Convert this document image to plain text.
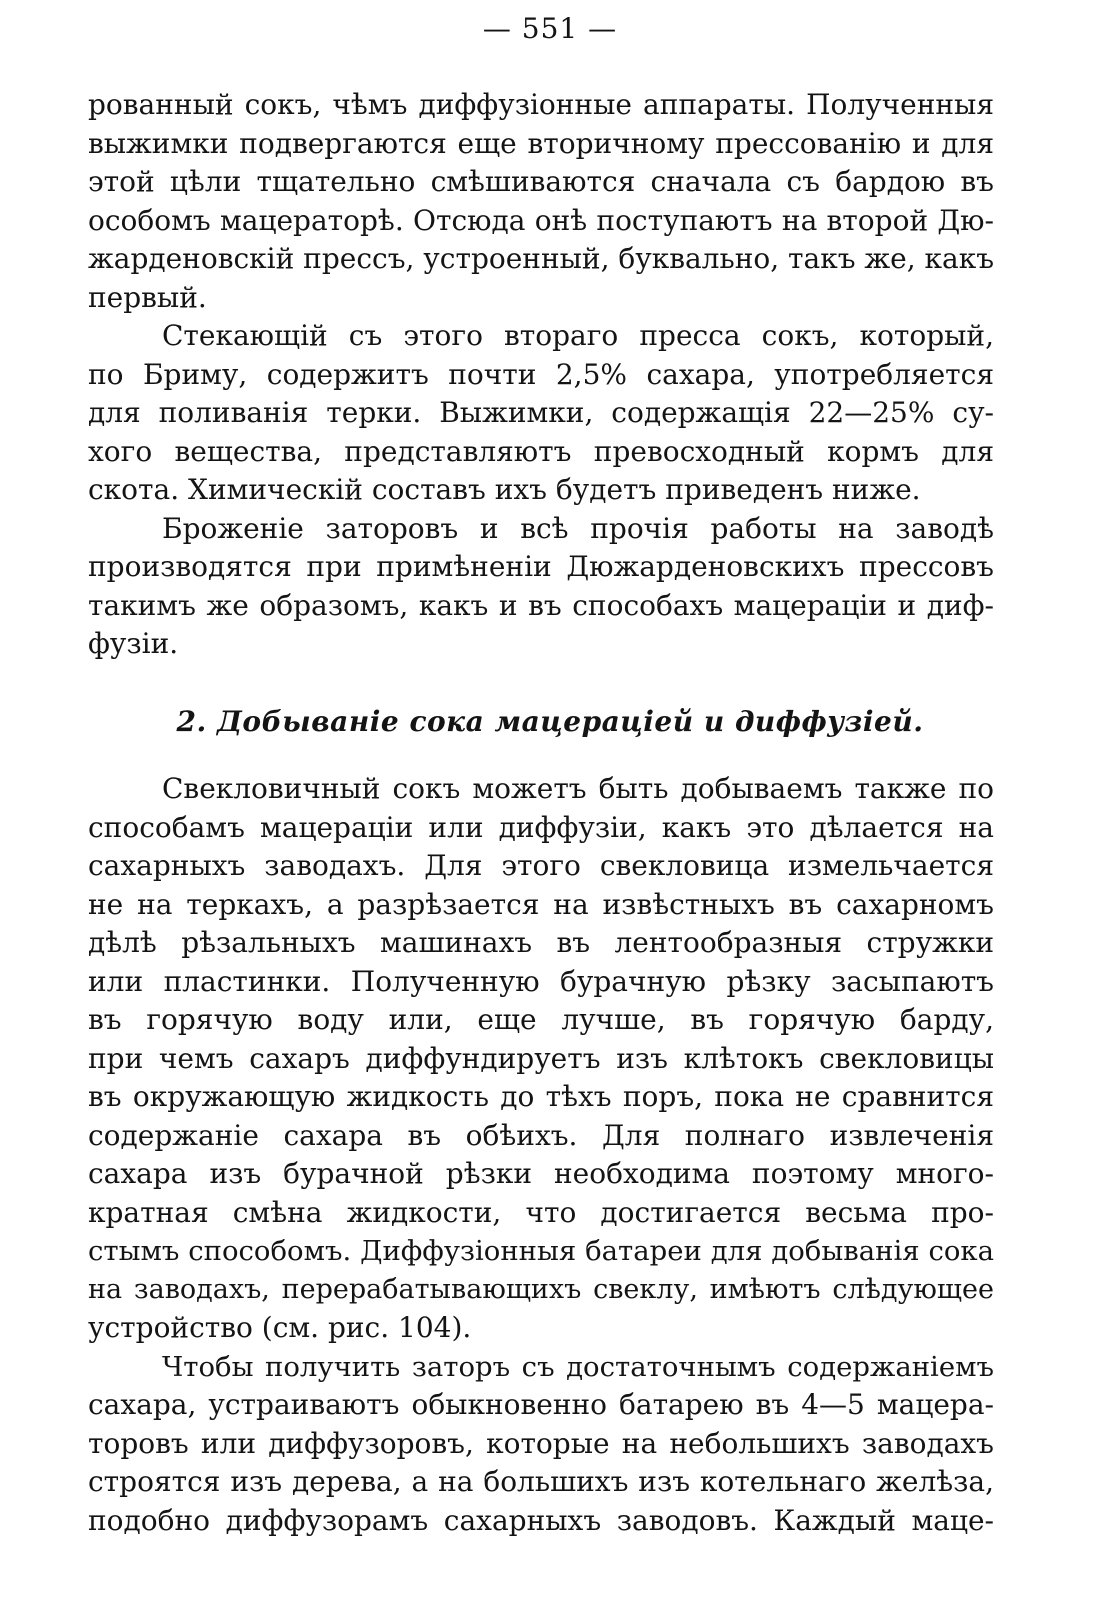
— 551 —
рованный сокъ, чѣмъ диффузіонные аппараты. Полученныя
выжимки подвергаются еще вторичному прессованію и для
этой цѣли тщательно смѣшиваются сначала съ бардою въ
особомъ мацераторѣ. Отсюда онѣ поступаютъ на второй Дю-
жарденовскій прессъ, устроенный, буквально, такъ же, какъ
первый.
Стекающій съ этого втораго пресса сокъ, который,
по Бриму, содержитъ почти 2,5% сахара, употребляется
для поливанія терки. Выжимки, содержащія 22—25% су-
хого вещества, представляютъ превосходный кормъ для
скота. Химическій составъ ихъ будетъ приведенъ ниже.
Броженіе заторовъ и всѣ прочія работы на заводѣ
производятся при примѣненіи Дюжарденовскихъ прессовъ
такимъ же образомъ, какъ и въ способахъ мацераціи и диф-
фузіи.
2. Добываніе сока мацераціей и диффузіей.
Свекловичный сокъ можетъ быть добываемъ также по
способамъ мацераціи или диффузіи, какъ это дѣлается на
сахарныхъ заводахъ. Для этого свекловица измельчается
не на теркахъ, а разрѣзается на извѣстныхъ въ сахарномъ
дѣлѣ рѣзальныхъ машинахъ въ лентообразныя стружки
или пластинки. Полученную бурачную рѣзку засыпаютъ
въ горячую воду или, еще лучше, въ горячую барду,
при чемъ сахаръ диффундируетъ изъ клѣтокъ свекловицы
въ окружающую жидкость до тѣхъ поръ, пока не сравнится
содержаніе сахара въ обѣихъ. Для полнаго извлеченія
сахара изъ бурачной рѣзки необходима поэтому много-
кратная смѣна жидкости, что достигается весьма про-
стымъ способомъ. Диффузіонныя батареи для добыванія сока
на заводахъ, перерабатывающихъ свеклу, имѣютъ слѣдующее
устройство (см. рис. 104).
Чтобы получить заторъ съ достаточнымъ содержаніемъ
сахара, устраиваютъ обыкновенно батарею въ 4—5 мацера-
торовъ или диффузоровъ, которые на небольшихъ заводахъ
строятся изъ дерева, а на большихъ изъ котельнаго желѣза,
подобно диффузорамъ сахарныхъ заводовъ. Каждый маце-
